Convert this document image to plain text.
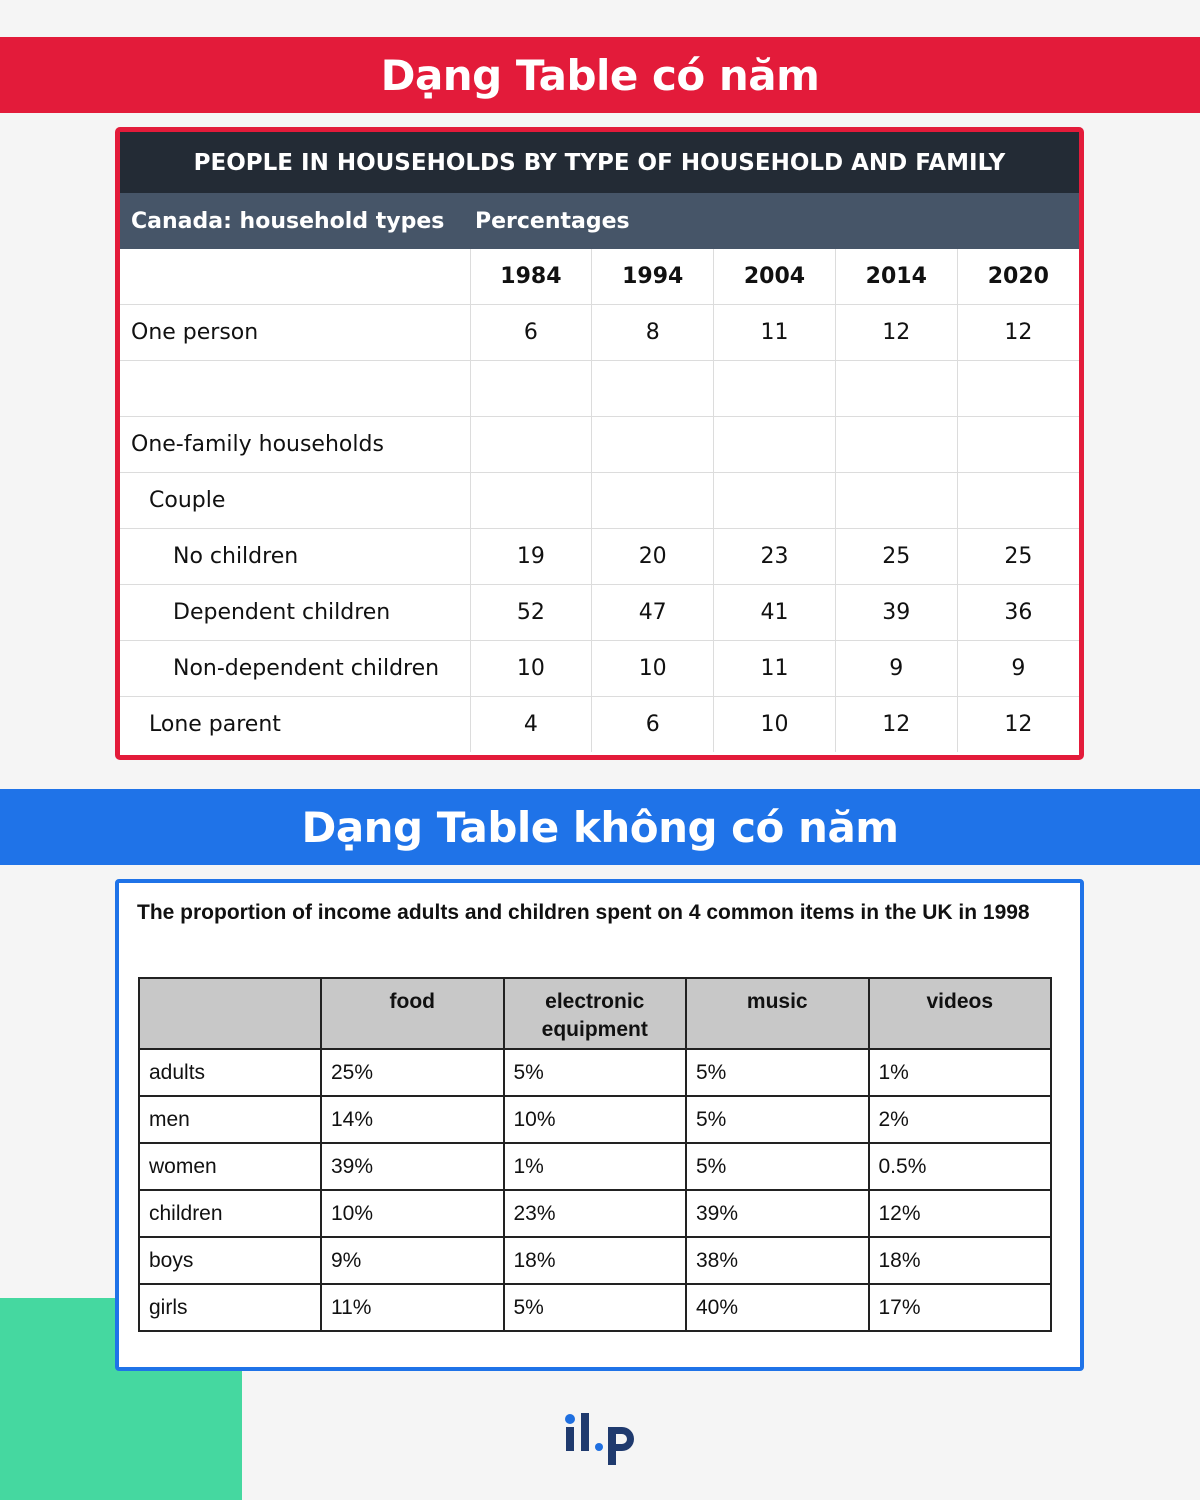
Dạng Table có năm
PEOPLE IN HOUSEHOLDS BY TYPE OF HOUSEHOLD AND FAMILY
Canada: household types	Percentages
	1984	1994	2004	2014	2020
One person	6	8	11	12	12

One-family households					
Couple					
No children	19	20	23	25	25
Dependent children	52	47	41	39	36
Non-dependent children	10	10	11	9	9
Lone parent	4	6	10	12	12
Dạng Table không có năm
The proportion of income adults and children spent on 4 common items in the UK in 1998
	food	electronic equipment	music	videos
adults	25%	5%	5%	1%
men	14%	10%	5%	2%
women	39%	1%	5%	0.5%
children	10%	23%	39%	12%
boys	9%	18%	38%	18%
girls	11%	5%	40%	17%
